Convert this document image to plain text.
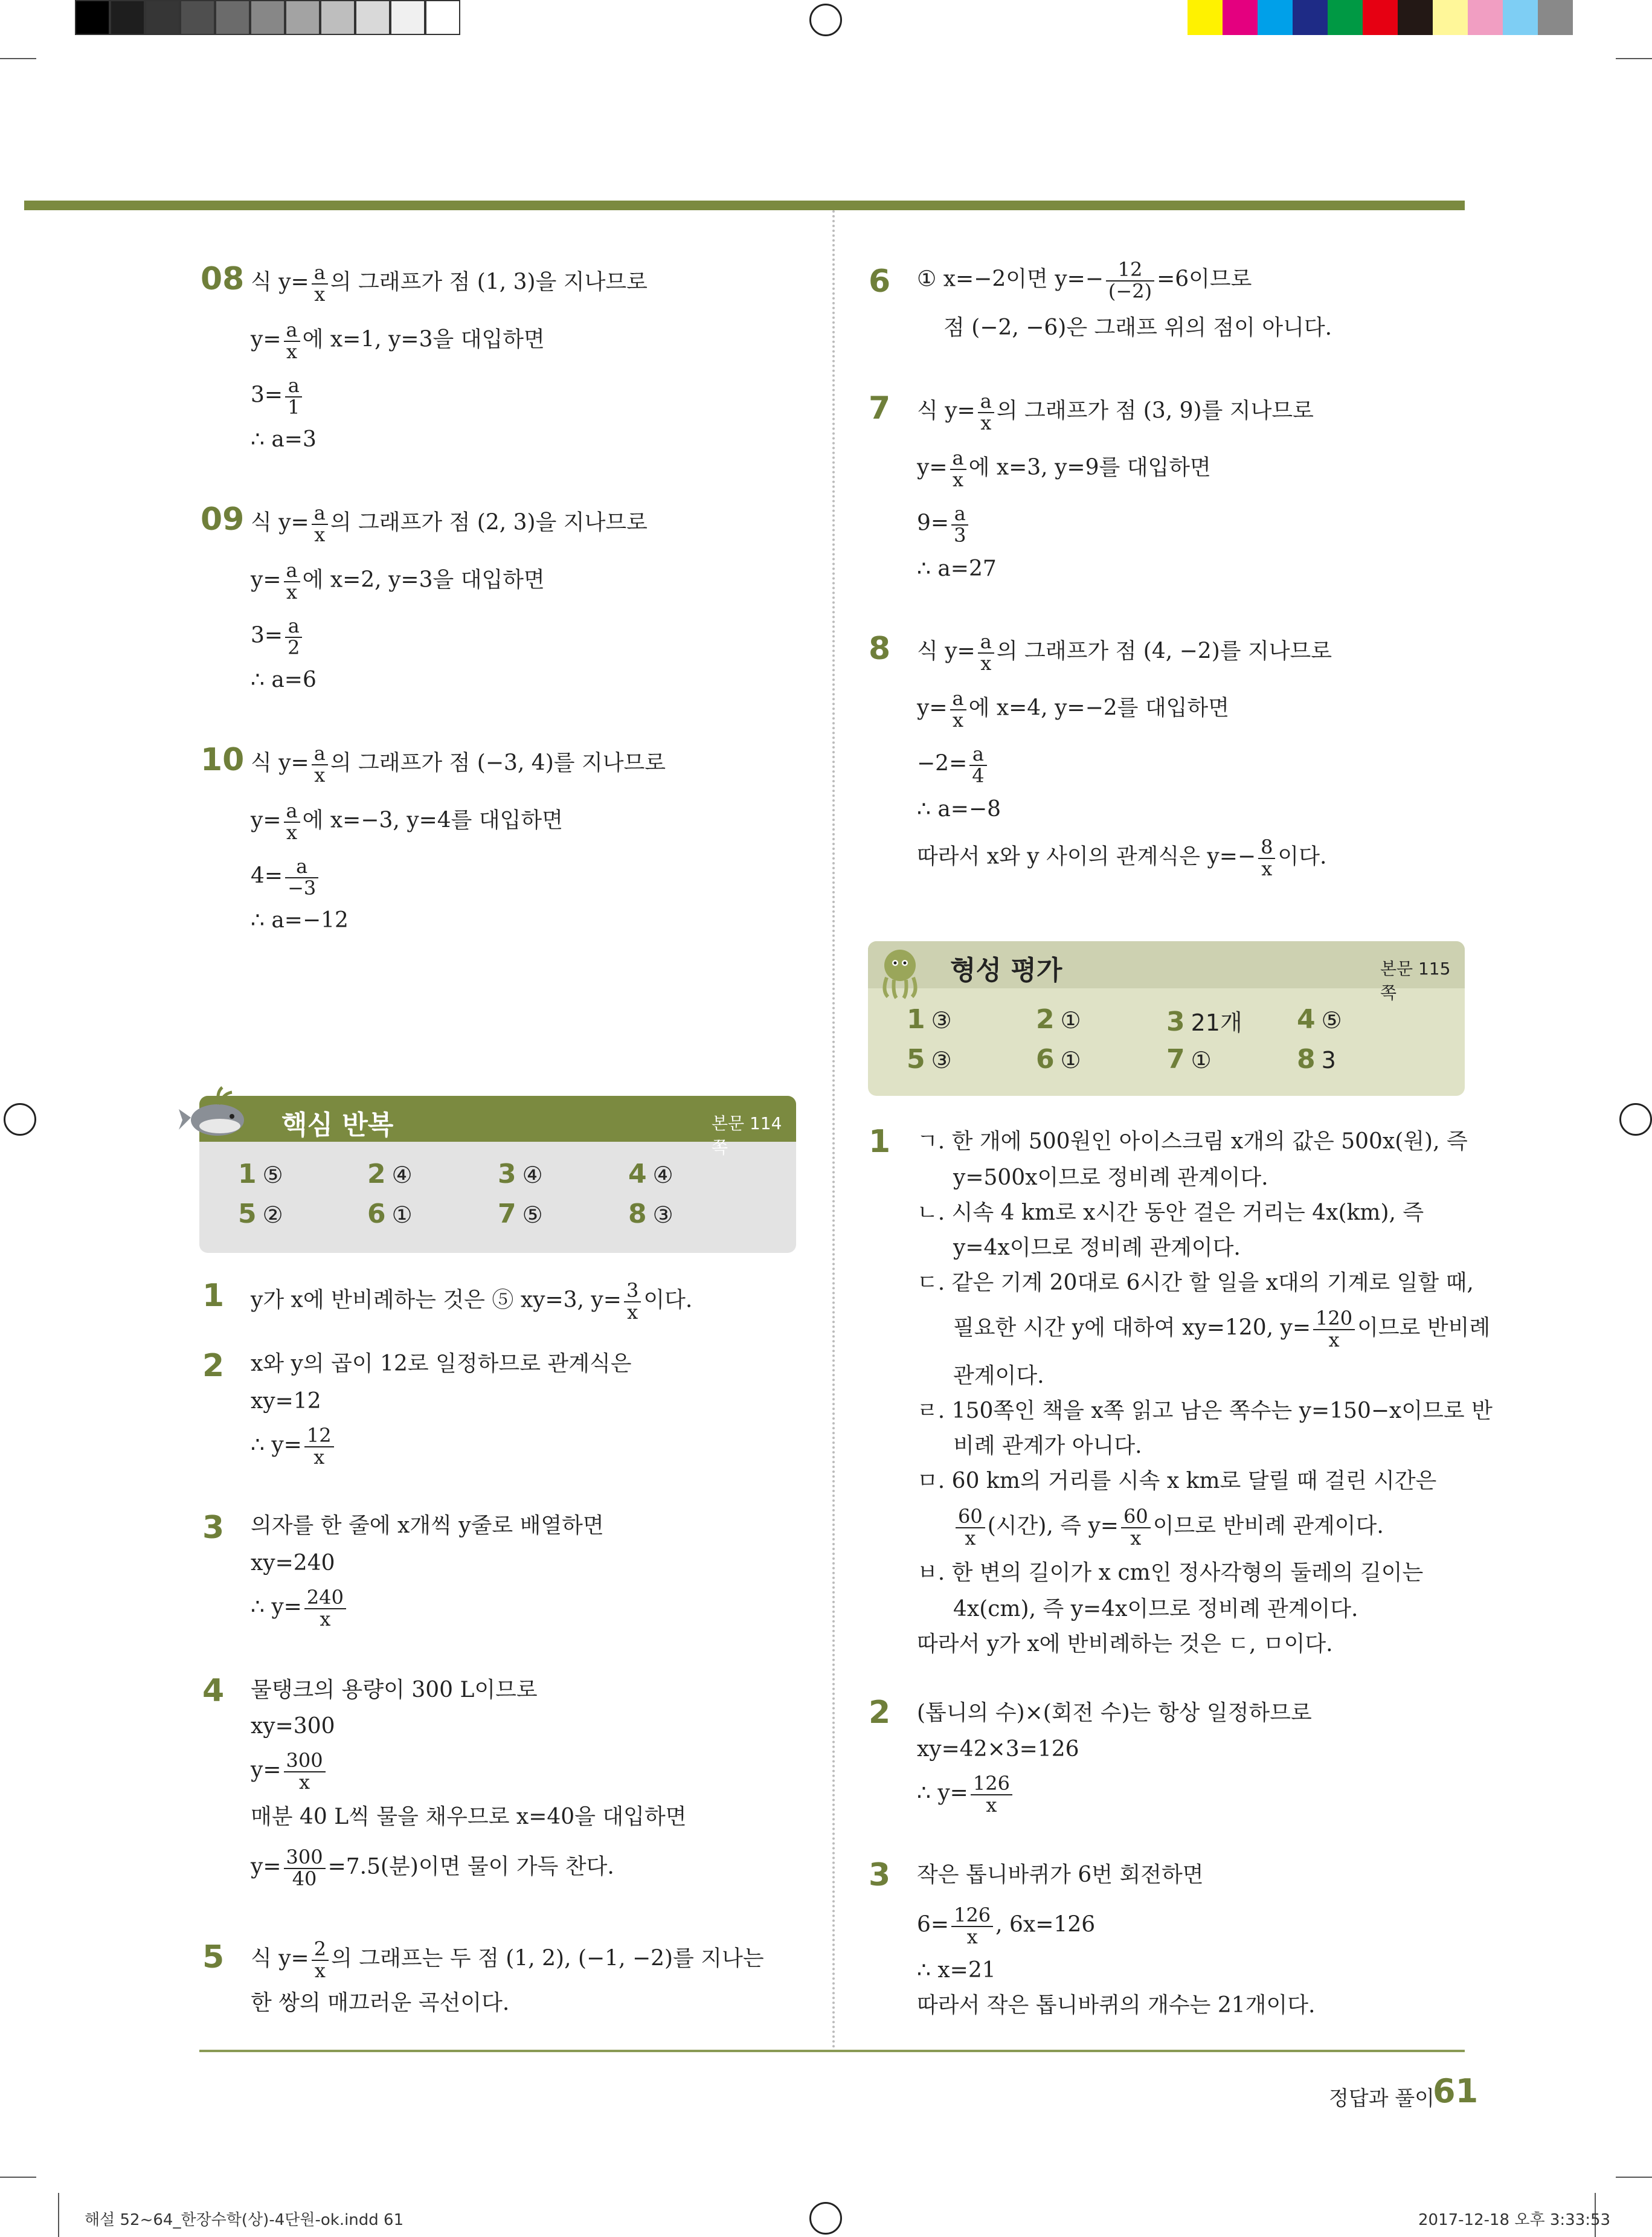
08 식 $y= \frac{a}{x}$ 의 그래프가 점 (1, 3)을 지나므로
$y= \frac{a}{x}$ 에 x=1, y=3을 대입하면
$3= \frac{a}{1}$
∴ a=3
09 식 $y= \frac{a}{x}$ 의 그래프가 점 (2, 3)을 지나므로
$y= \frac{a}{x}$ 에 x=2, y=3을 대입하면
$3= \frac{a}{2}$
∴ a=6
10 식 $y= \frac{a}{x}$ 의 그래프가 점 (−3, 4)를 지나므로
$y= \frac{a}{x}$ 에 x=−3, y=4를 대입하면
$4= \frac{a}{-3}$
∴ a=−12
핵심 반복	본문 114쪽
1 ⑤	2 ④	3 ④	4 ④
5 ②	6 ①	7 ⑤	8 ③
1 y가 x에 반비례하는 것은 ⑤ xy=3, $y= \frac{3}{x}$ 이다.
2 x와 y의 곱이 12로 일정하므로 관계식은
xy=12
∴ $y= \frac{12}{x}$
3 의자를 한 줄에 x개씩 y줄로 배열하면
xy=240
∴ $y= \frac{240}{x}$
4 물탱크의 용량이 300 L이므로
xy=300
$y= \frac{300}{x}$
매분 40 L씩 물을 채우므로 x=40을 대입하면
$y= \frac{300}{40} =7.5$(분)이면 물이 가득 찬다.
5 식 $y= \frac{2}{x}$ 의 그래프는 두 점 (1, 2), (−1, −2)를 지나는
한 쌍의 매끄러운 곡선이다.
6 ① x=−2이면 $y=- \frac{12}{(-2)} =6$이므로
점 (−2, −6)은 그래프 위의 점이 아니다.
7 식 $y= \frac{a}{x}$ 의 그래프가 점 (3, 9)를 지나므로
$y= \frac{a}{x}$ 에 x=3, y=9를 대입하면
$9= \frac{a}{3}$
∴ a=27
8 식 $y= \frac{a}{x}$ 의 그래프가 점 (4, −2)를 지나므로
$y= \frac{a}{x}$ 에 x=4, y=−2를 대입하면
$-2= \frac{a}{4}$
∴ a=−8
따라서 x와 y 사이의 관계식은 $y=- \frac{8}{x}$ 이다.
형성 평가	본문 115쪽
1 ③	2 ①	3 21개 4 ⑤
5 ③	6 ①	7 ①	8 3
1 ㄱ. 한 개에 500원인 아이스크림 x개의 값은 500x(원), 즉
y=500x이므로 정비례 관계이다.
ㄴ. 시속 4 km로 x시간 동안 걸은 거리는 4x(km), 즉
y=4x이므로 정비례 관계이다.
ㄷ. 같은 기계 20대로 6시간 할 일을 x대의 기계로 일할 때,
필요한 시간 y에 대하여 xy=120, $y= \frac{120}{x}$ 이므로 반비례
관계이다.
ㄹ. 150쪽인 책을 x쪽 읽고 남은 쪽수는 y=150−x이므로 반
비례 관계가 아니다.
ㅁ. 60 km의 거리를 시속 x km로 달릴 때 걸린 시간은
$\frac{60}{x}$ (시간), 즉 $y= \frac{60}{x}$ 이므로 반비례 관계이다.
ㅂ. 한 변의 길이가 x cm인 정사각형의 둘레의 길이는
4x(cm), 즉 y=4x이므로 정비례 관계이다.
따라서 y가 x에 반비례하는 것은 ㄷ, ㅁ이다.
2 (톱니의 수)×(회전 수)는 항상 일정하므로
xy=42×3=126
∴ $y= \frac{126}{x}$
3 작은 톱니바퀴가 6번 회전하면
$6= \frac{126}{x}$ , 6x=126
∴ x=21
따라서 작은 톱니바퀴의 개수는 21개이다.
정답과 풀이
61
해설 52~64_한장수학(상)-4단원-ok.indd 61	2017-12-18 오후 3:33:53
